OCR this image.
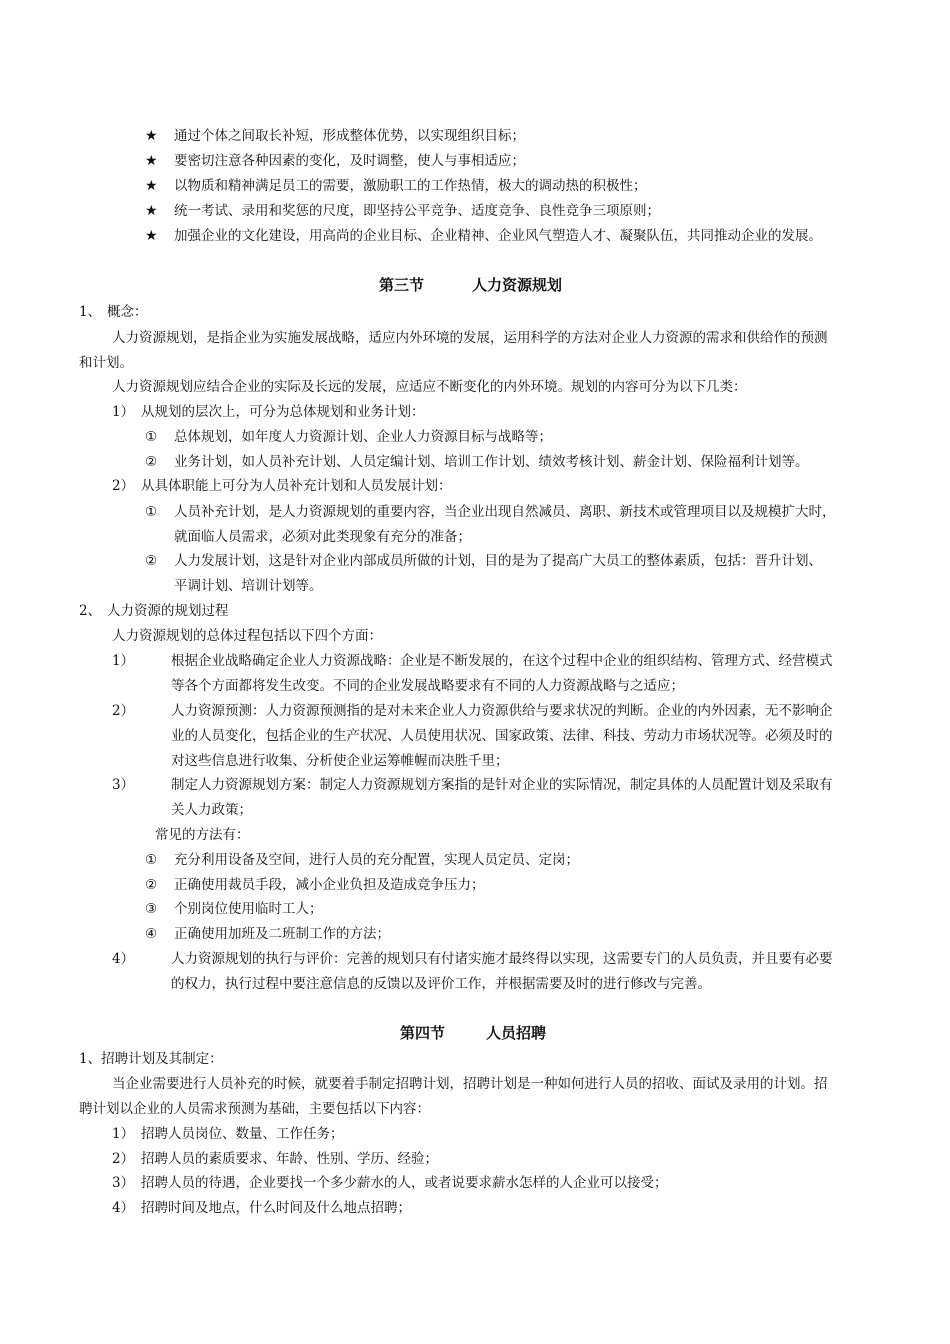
★ 通过个体之间取长补短，形成整体优势，以实现组织目标；
★ 要密切注意各种因素的变化，及时调整，使人与事相适应；
★ 以物质和精神满足员工的需要，激励职工的工作热情，极大的调动热的积极性；
★ 统一考试、录用和奖惩的尺度，即坚持公平竞争、适度竞争、良性竞争三项原则；
★ 加强企业的文化建设，用高尚的企业目标、企业精神、企业风气塑造人才、凝聚队伍，共同推动企业的发展。
第三节	人力资源规划
1、 概念：
人力资源规划，是指企业为实施发展战略，适应内外环境的发展，运用科学的方法对企业人力资源的需求和供给作的预测
和计划。
人力资源规划应结合企业的实际及长远的发展，应适应不断变化的内外环境。规划的内容可分为以下几类：
1） 从规划的层次上，可分为总体规划和业务计划：
① 总体规划，如年度人力资源计划、企业人力资源目标与战略等；
② 业务计划，如人员补充计划、人员定编计划、培训工作计划、绩效考核计划、薪金计划、保险福利计划等。
2） 从具体职能上可分为人员补充计划和人员发展计划：
① 人员补充计划，是人力资源规划的重要内容，当企业出现自然减员、离职、新技术或管理项目以及规模扩大时，
就面临人员需求，必须对此类现象有充分的准备；
② 人力发展计划，这是针对企业内部成员所做的计划，目的是为了提高广大员工的整体素质，包括：晋升计划、
平调计划、培训计划等。
2、 人力资源的规划过程
人力资源规划的总体过程包括以下四个方面：
1）	根据企业战略确定企业人力资源战略：企业是不断发展的，在这个过程中企业的组织结构、管理方式、经营模式
等各个方面都将发生改变。不同的企业发展战略要求有不同的人力资源战略与之适应；
2）	人力资源预测：人力资源预测指的是对未来企业人力资源供给与要求状况的判断。企业的内外因素，无不影响企
业的人员变化，包括企业的生产状况、人员使用状况、国家政策、法律、科技、劳动力市场状况等。必须及时的
对这些信息进行收集、分析使企业运筹帷幄而决胜千里；
3）	制定人力资源规划方案：制定人力资源规划方案指的是针对企业的实际情况，制定具体的人员配置计划及采取有
关人力政策；
常见的方法有：
① 充分利用设备及空间，进行人员的充分配置，实现人员定员、定岗；
② 正确使用裁员手段，减小企业负担及造成竞争压力；
③ 个别岗位使用临时工人；
④ 正确使用加班及二班制工作的方法；
4）	人力资源规划的执行与评价：完善的规划只有付诸实施才最终得以实现，这需要专门的人员负责，并且要有必要
的权力，执行过程中要注意信息的反馈以及评价工作，并根据需要及时的进行修改与完善。
第四节	人员招聘
1、招聘计划及其制定：
当企业需要进行人员补充的时候，就要着手制定招聘计划，招聘计划是一种如何进行人员的招收、面试及录用的计划。招
聘计划以企业的人员需求预测为基础，主要包括以下内容：
1） 招聘人员岗位、数量、工作任务；
2） 招聘人员的素质要求、年龄、性别、学历、经验；
3） 招聘人员的待遇，企业要找一个多少薪水的人，或者说要求薪水怎样的人企业可以接受；
4） 招聘时间及地点，什么时间及什么地点招聘；
